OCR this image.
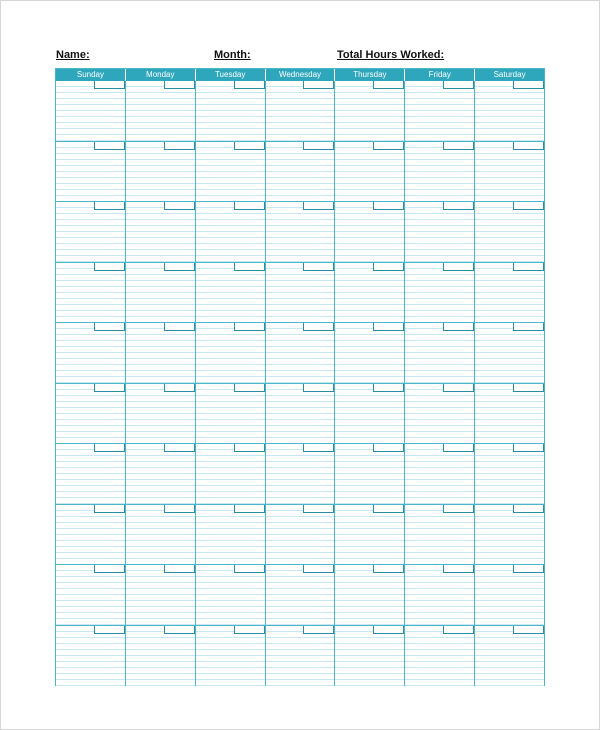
Name:	Month:	Total Hours Worked:
Sunday	Monday	Tuesday	Wednesday	Thursday	Friday	Saturday
